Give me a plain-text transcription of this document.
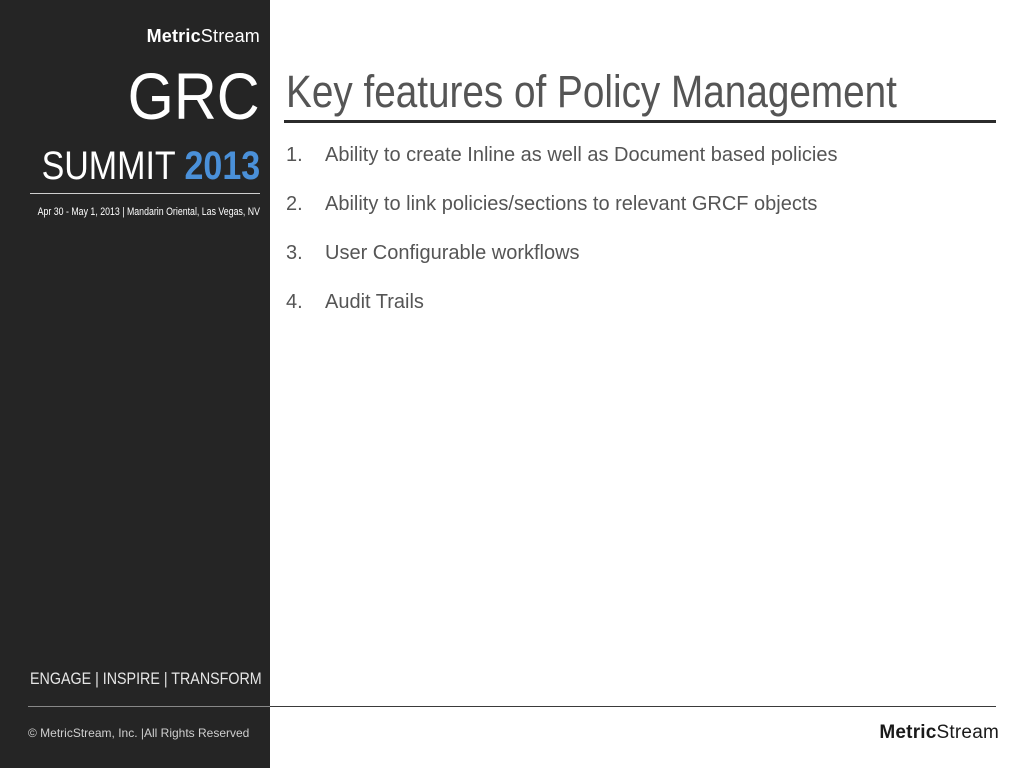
MetricStream
GRC
SUMMIT 2013
Apr 30 - May 1, 2013 | Mandarin Oriental, Las Vegas, NV
ENGAGE | INSPIRE | TRANSFORM
© MetricStream, Inc. |All Rights Reserved
Key features of Policy Management
1. Ability to create Inline as well as Document based policies
2. Ability to link policies/sections to relevant GRCF objects
3. User Configurable workflows
4. Audit Trails
MetricStream
